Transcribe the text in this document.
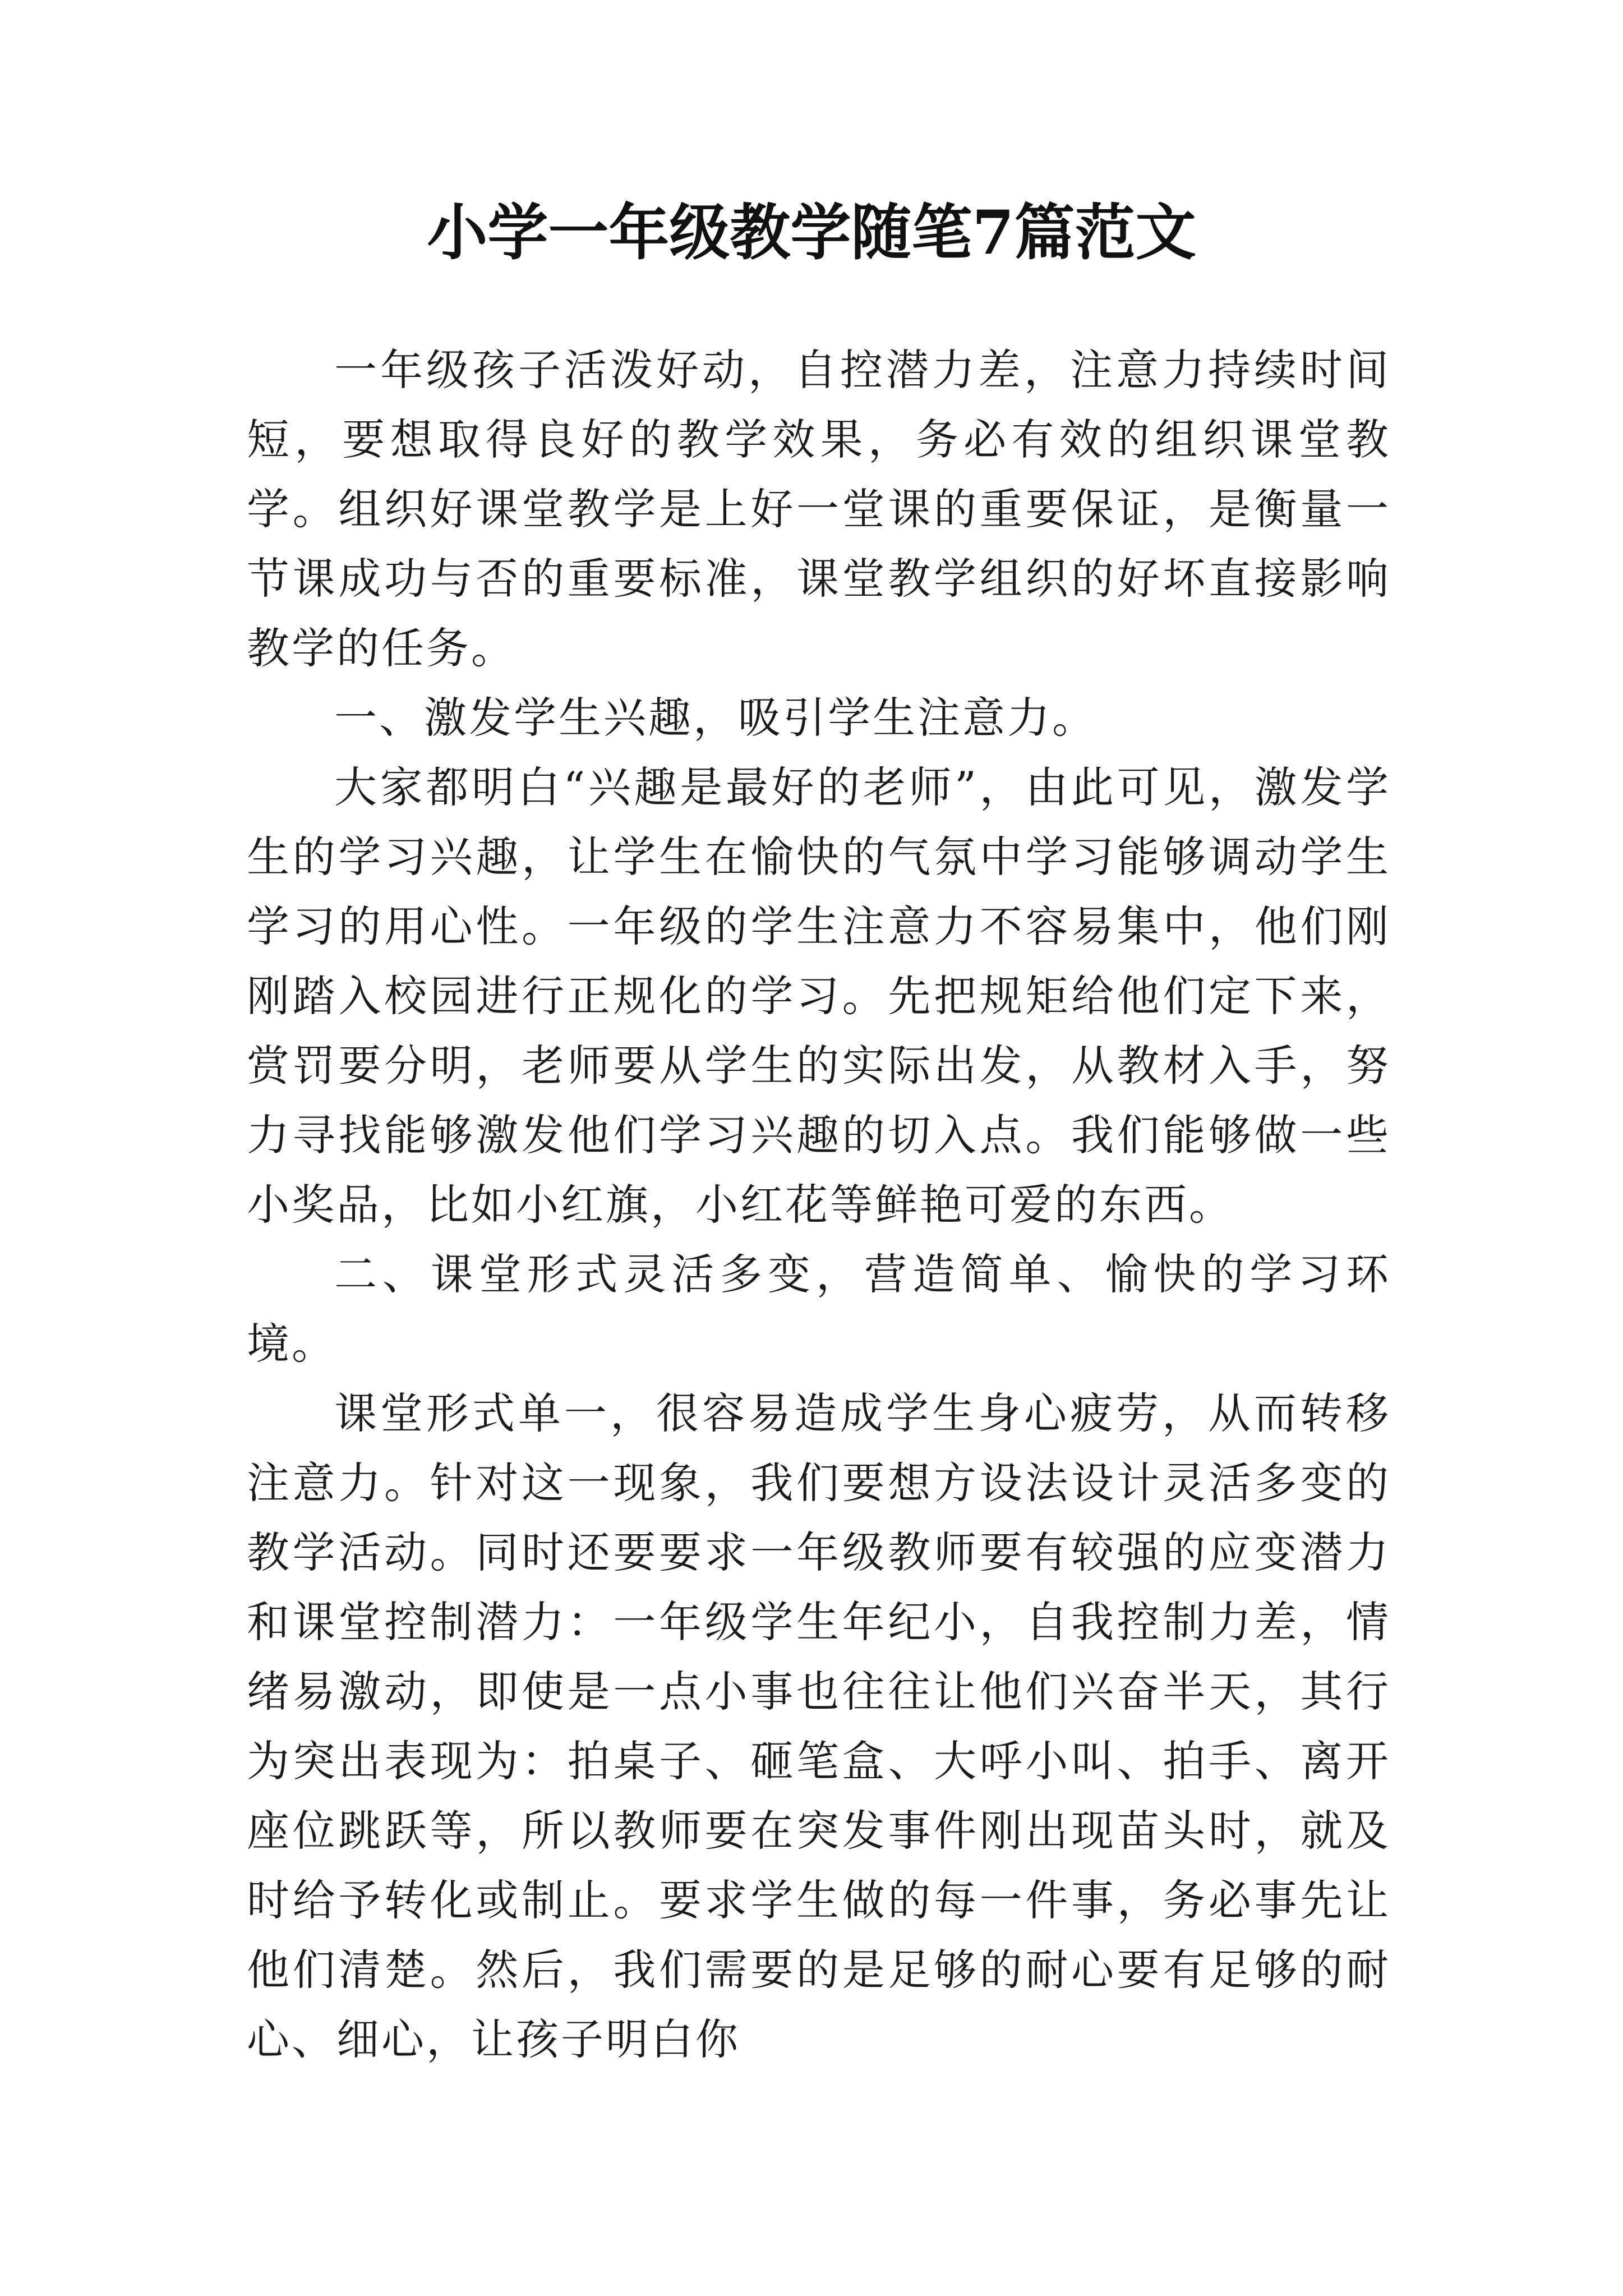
小学一年级教学随笔7篇范文

一年级孩子活泼好动，自控潜力差，注意力持续时间短，要想取得良好的教学效果，务必有效的组织课堂教学。组织好课堂教学是上好一堂课的重要保证，是衡量一节课成功与否的重要标准，课堂教学组织的好坏直接影响教学的任务。

一、激发学生兴趣，吸引学生注意力。

大家都明白“兴趣是最好的老师”，由此可见，激发学生的学习兴趣，让学生在愉快的气氛中学习能够调动学生学习的用心性。一年级的学生注意力不容易集中，他们刚刚踏入校园进行正规化的学习。先把规矩给他们定下来，赏罚要分明，老师要从学生的实际出发，从教材入手，努力寻找能够激发他们学习兴趣的切入点。我们能够做一些小奖品，比如小红旗，小红花等鲜艳可爱的东西。

二、课堂形式灵活多变，营造简单、愉快的学习环境。

课堂形式单一，很容易造成学生身心疲劳，从而转移注意力。针对这一现象，我们要想方设法设计灵活多变的教学活动。同时还要要求一年级教师要有较强的应变潜力和课堂控制潜力：一年级学生年纪小，自我控制力差，情绪易激动，即使是一点小事也往往让他们兴奋半天，其行为突出表现为：拍桌子、砸笔盒、大呼小叫、拍手、离开座位跳跃等，所以教师要在突发事件刚出现苗头时，就及时给予转化或制止。要求学生做的每一件事，务必事先让他们清楚。然后，我们需要的是足够的耐心要有足够的耐心、细心，让孩子明白你
